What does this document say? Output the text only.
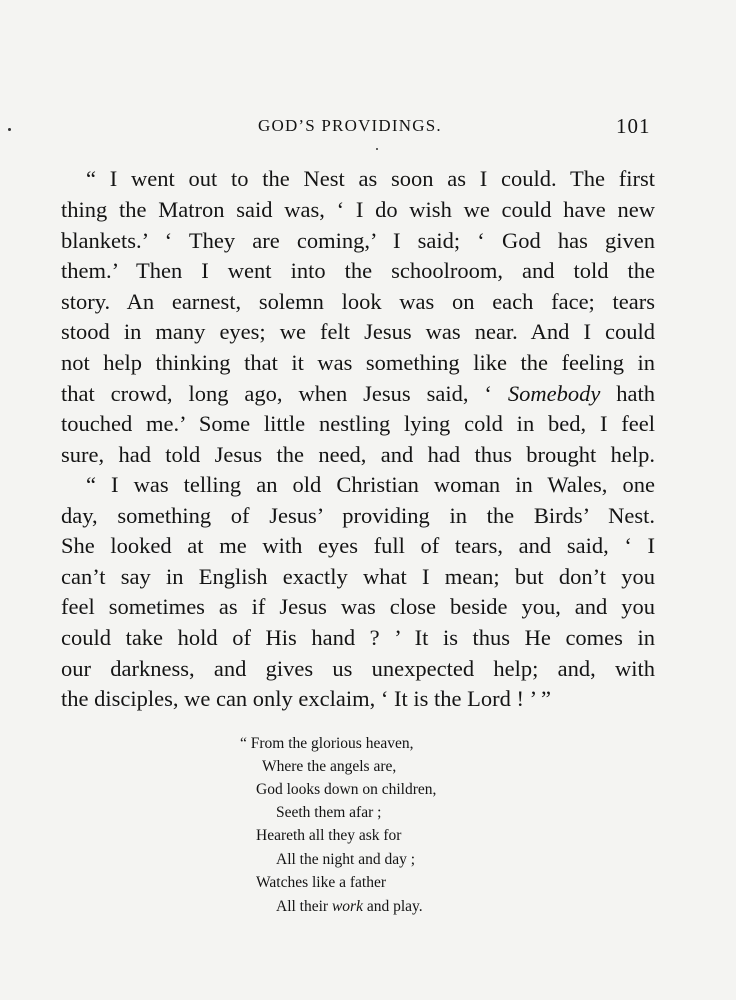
GOD’S PROVIDINGS.	101
“ I went out to the Nest as soon as I could. The first
thing the Matron said was, ‘ I do wish we could have new
blankets.’ ‘ They are coming,’ I said; ‘ God has given
them.’ Then I went into the schoolroom, and told the
story. An earnest, solemn look was on each face; tears
stood in many eyes; we felt Jesus was near. And I could
not help thinking that it was something like the feeling in
that crowd, long ago, when Jesus said, ‘ Somebody hath
touched me.’ Some little nestling lying cold in bed, I feel
sure, had told Jesus the need, and had thus brought help.
“ I was telling an old Christian woman in Wales, one
day, something of Jesus’ providing in the Birds’ Nest.
She looked at me with eyes full of tears, and said, ‘ I
can’t say in English exactly what I mean; but don’t you
feel sometimes as if Jesus was close beside you, and you
could take hold of His hand ? ’ It is thus He comes in
our darkness, and gives us unexpected help; and, with
the disciples, we can only exclaim, ‘ It is the Lord ! ’ ”
“ From the glorious heaven,
Where the angels are,
God looks down on children,
Seeth them afar ;
Heareth all they ask for
All the night and day ;
Watches like a father
All their work and play.
